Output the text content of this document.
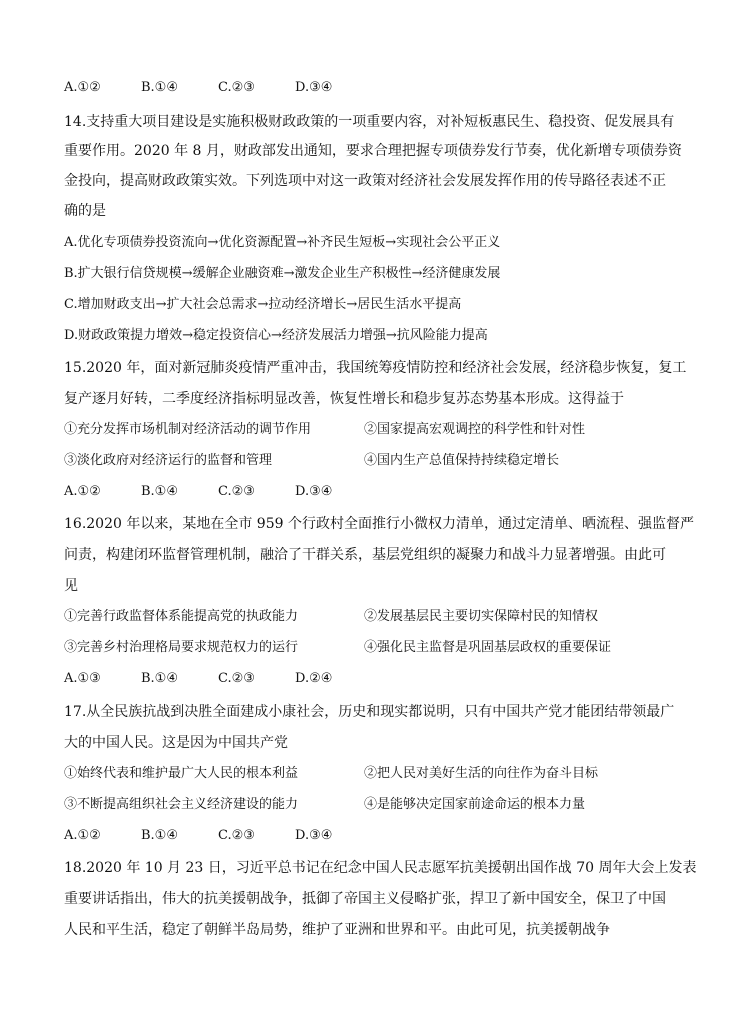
A.①②	B.①④	C.②③	D.③④
14.支持重大项目建设是实施积极财政政策的一项重要内容，对补短板惠民生、稳投资、促发展具有
重要作用。2020 年 8 月，财政部发出通知，要求合理把握专项债券发行节奏，优化新增专项债券资
金投向，提高财政政策实效。下列选项中对这一政策对经济社会发展发挥作用的传导路径表述不正
确的是
A.优化专项债券投资流向→优化资源配置→补齐民生短板→实现社会公平正义
B.扩大银行信贷规模→缓解企业融资难→激发企业生产积极性→经济健康发展
C.增加财政支出→扩大社会总需求→拉动经济增长→居民生活水平提高
D.财政政策提力增效→稳定投资信心→经济发展活力增强→抗风险能力提高
15.2020 年，面对新冠肺炎疫情严重冲击，我国统筹疫情防控和经济社会发展，经济稳步恢复，复工
复产逐月好转，二季度经济指标明显改善，恢复性增长和稳步复苏态势基本形成。这得益于
①充分发挥市场机制对经济活动的调节作用	②国家提高宏观调控的科学性和针对性
③淡化政府对经济运行的监督和管理	④国内生产总值保持持续稳定增长
A.①②	B.①④	C.②③	D.③④
16.2020 年以来，某地在全市 959 个行政村全面推行小微权力清单，通过定清单、晒流程、强监督严
问责，构建闭环监督管理机制，融洽了干群关系，基层党组织的凝聚力和战斗力显著增强。由此可
见
①完善行政监督体系能提高党的执政能力	②发展基层民主要切实保障村民的知情权
③完善乡村治理格局要求规范权力的运行	④强化民主监督是巩固基层政权的重要保证
A.①③	B.①④	C.②③	D.②④
17.从全民族抗战到决胜全面建成小康社会，历史和现实都说明，只有中国共产党才能团结带领最广
大的中国人民。这是因为中国共产党
①始终代表和维护最广大人民的根本利益	②把人民对美好生活的向往作为奋斗目标
③不断提高组织社会主义经济建设的能力	④是能够决定国家前途命运的根本力量
A.①②	B.①④	C.②③	D.③④
18.2020 年 10 月 23 日，习近平总书记在纪念中国人民志愿军抗美援朝出国作战 70 周年大会上发表
重要讲话指出，伟大的抗美援朝战争，抵御了帝国主义侵略扩张，捍卫了新中国安全，保卫了中国
人民和平生活，稳定了朝鲜半岛局势，维护了亚洲和世界和平。由此可见，抗美援朝战争
